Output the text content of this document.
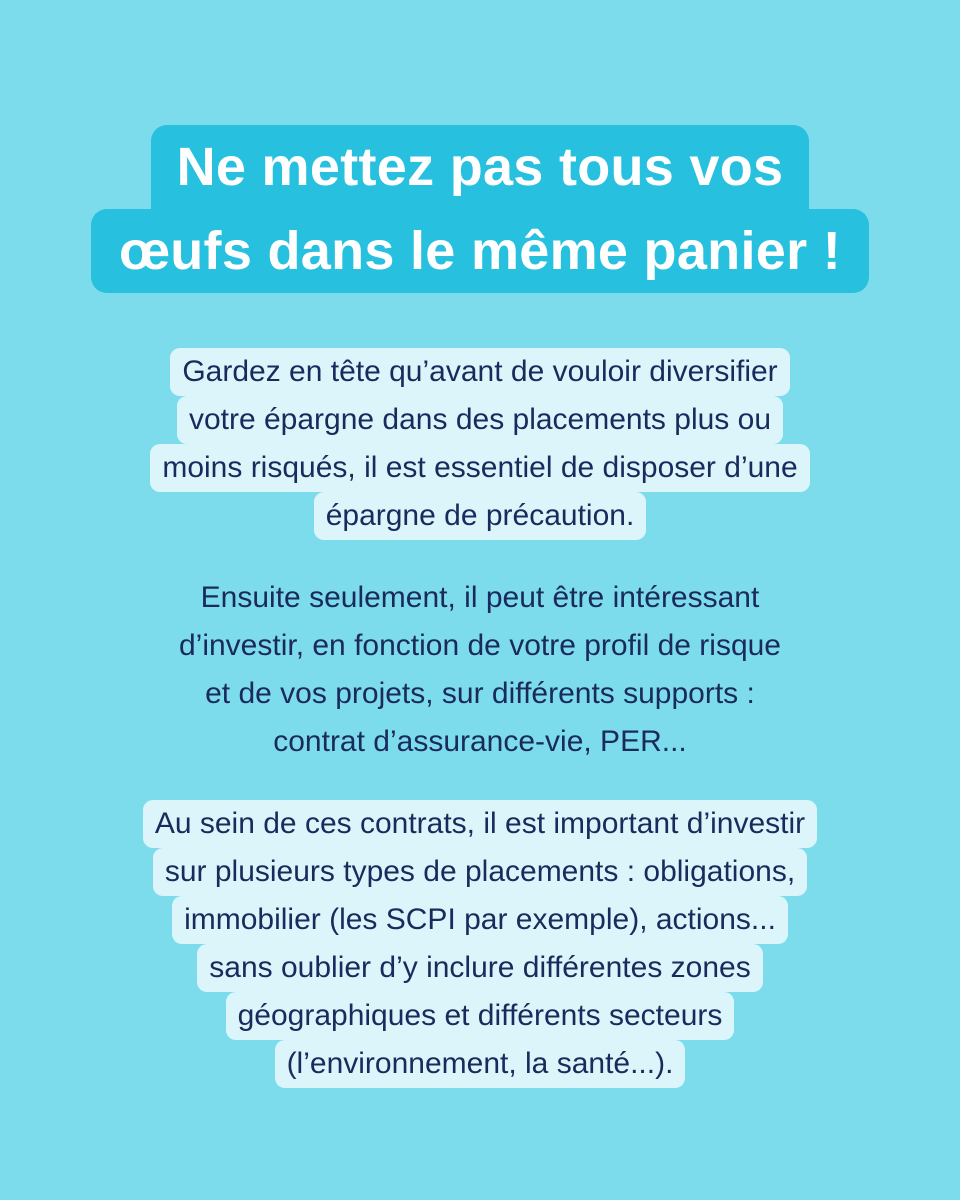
Ne mettez pas tous vos
œufs dans le même panier !
Gardez en tête qu’avant de vouloir diversifier
votre épargne dans des placements plus ou
moins risqués, il est essentiel de disposer d’une
épargne de précaution.
Ensuite seulement, il peut être intéressant
d’investir, en fonction de votre profil de risque
et de vos projets, sur différents supports :
contrat d’assurance-vie, PER...
Au sein de ces contrats, il est important d’investir
sur plusieurs types de placements : obligations,
immobilier (les SCPI par exemple), actions...
sans oublier d’y inclure différentes zones
géographiques et différents secteurs
(l’environnement, la santé...).
